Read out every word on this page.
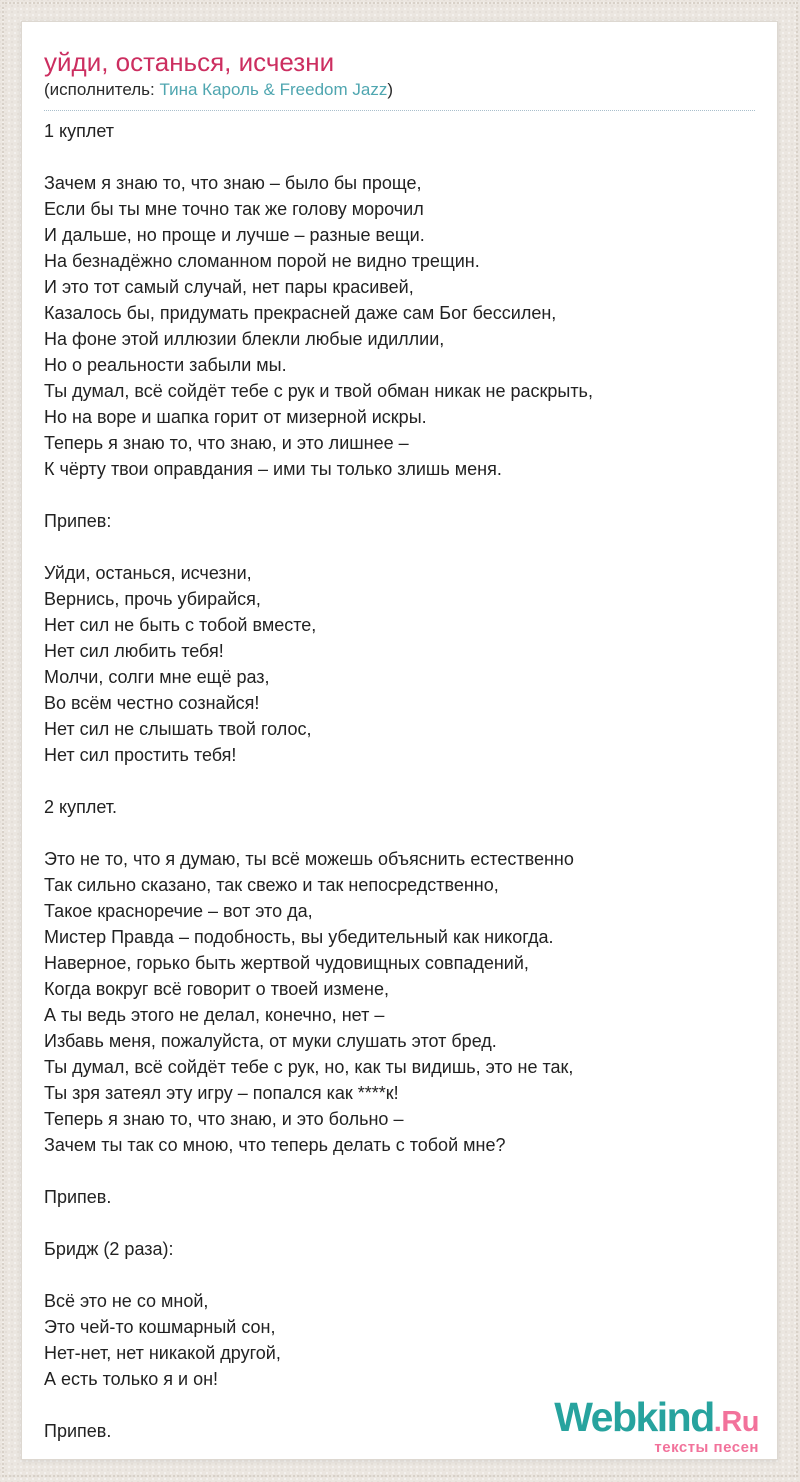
уйди, останься, исчезни
(исполнитель: Тина Кароль & Freedom Jazz)
1 куплет
Зачем я знаю то, что знаю – было бы проще,
Если бы ты мне точно так же голову морочил
И дальше, но проще и лучше – разные вещи.
На безнадёжно сломанном порой не видно трещин.
И это тот самый случай, нет пары красивей,
Казалось бы, придумать прекрасней даже сам Бог бессилен,
На фоне этой иллюзии блекли любые идиллии,
Но о реальности забыли мы.
Ты думал, всё сойдёт тебе с рук и твой обман никак не раскрыть,
Но на воре и шапка горит от мизерной искры.
Теперь я знаю то, что знаю, и это лишнее –
К чёрту твои оправдания – ими ты только злишь меня.
Припев:
Уйди, останься, исчезни,
Вернись, прочь убирайся,
Нет сил не быть с тобой вместе,
Нет сил любить тебя!
Молчи, солги мне ещё раз,
Во всём честно сознайся!
Нет сил не слышать твой голос,
Нет сил простить тебя!
2 куплет.
Это не то, что я думаю, ты всё можешь объяснить естественно
Так сильно сказано, так свежо и так непосредственно,
Такое красноречие – вот это да,
Мистер Правда – подобность, вы убедительный как никогда.
Наверное, горько быть жертвой чудовищных совпадений,
Когда вокруг всё говорит о твоей измене,
А ты ведь этого не делал, конечно, нет –
Избавь меня, пожалуйста, от муки слушать этот бред.
Ты думал, всё сойдёт тебе с рук, но, как ты видишь, это не так,
Ты зря затеял эту игру – попался как ****к!
Теперь я знаю то, что знаю, и это больно –
Зачем ты так со мною, что теперь делать с тобой мне?
Припев.
Бридж (2 раза):
Всё это не со мной,
Это чей-то кошмарный сон,
Нет-нет, нет никакой другой,
А есть только я и он!
Припев.	Webkind.Ru
тексты песен
